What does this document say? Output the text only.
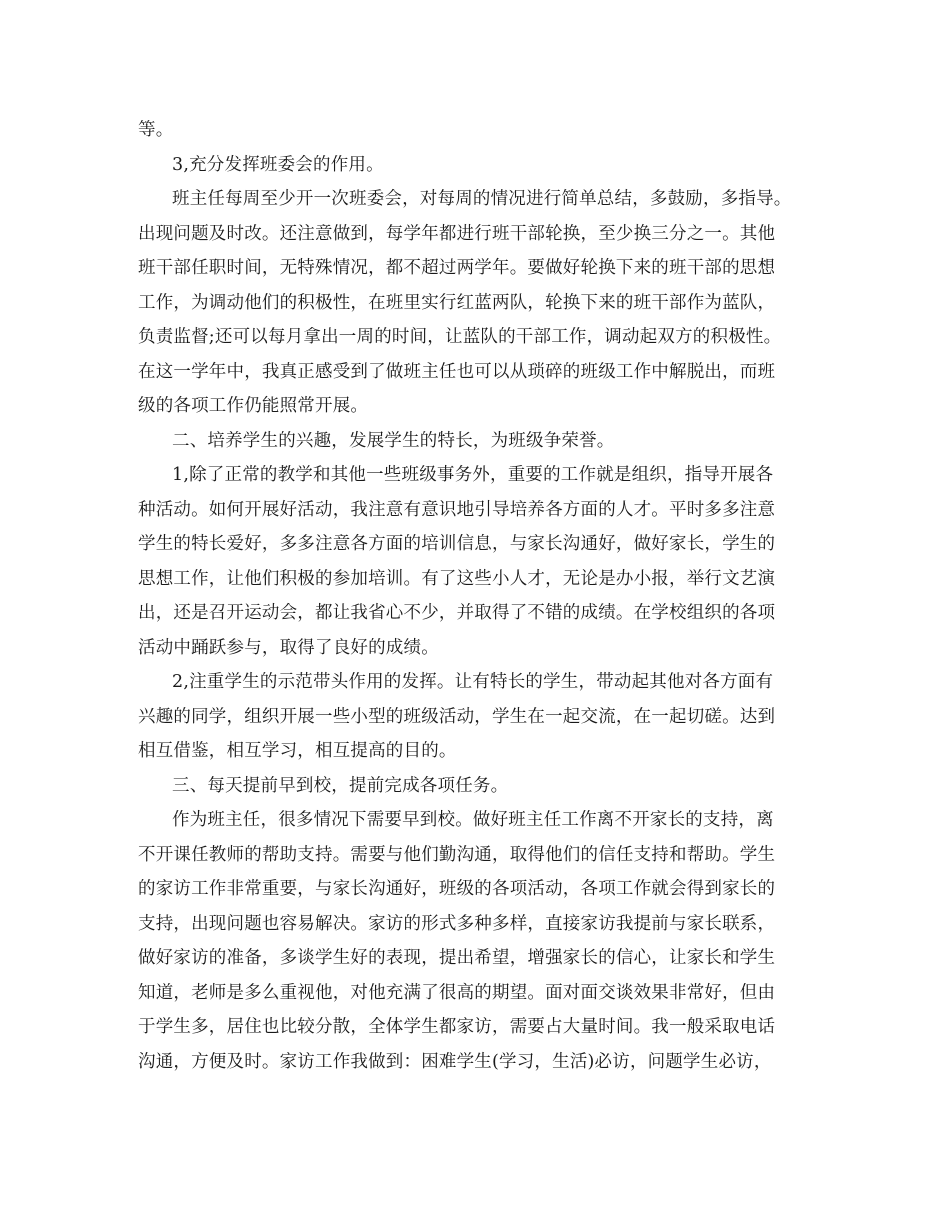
等。
3,充分发挥班委会的作用。
班主任每周至少开一次班委会，对每周的情况进行简单总结，多鼓励，多指导。
出现问题及时改。还注意做到，每学年都进行班干部轮换，至少换三分之一。其他
班干部任职时间，无特殊情况，都不超过两学年。要做好轮换下来的班干部的思想
工作，为调动他们的积极性，在班里实行红蓝两队，轮换下来的班干部作为蓝队，
负责监督;还可以每月拿出一周的时间，让蓝队的干部工作，调动起双方的积极性。
在这一学年中，我真正感受到了做班主任也可以从琐碎的班级工作中解脱出，而班
级的各项工作仍能照常开展。
二、培养学生的兴趣，发展学生的特长，为班级争荣誉。
1,除了正常的教学和其他一些班级事务外，重要的工作就是组织，指导开展各
种活动。如何开展好活动，我注意有意识地引导培养各方面的人才。平时多多注意
学生的特长爱好，多多注意各方面的培训信息，与家长沟通好，做好家长，学生的
思想工作，让他们积极的参加培训。有了这些小人才，无论是办小报，举行文艺演
出，还是召开运动会，都让我省心不少，并取得了不错的成绩。在学校组织的各项
活动中踊跃参与，取得了良好的成绩。
2,注重学生的示范带头作用的发挥。让有特长的学生，带动起其他对各方面有
兴趣的同学，组织开展一些小型的班级活动，学生在一起交流，在一起切磋。达到
相互借鉴，相互学习，相互提高的目的。
三、每天提前早到校，提前完成各项任务。
作为班主任，很多情况下需要早到校。做好班主任工作离不开家长的支持，离
不开课任教师的帮助支持。需要与他们勤沟通，取得他们的信任支持和帮助。学生
的家访工作非常重要，与家长沟通好，班级的各项活动，各项工作就会得到家长的
支持，出现问题也容易解决。家访的形式多种多样，直接家访我提前与家长联系，
做好家访的准备，多谈学生好的表现，提出希望，增强家长的信心，让家长和学生
知道，老师是多么重视他，对他充满了很高的期望。面对面交谈效果非常好，但由
于学生多，居住也比较分散，全体学生都家访，需要占大量时间。我一般采取电话
沟通，方便及时。家访工作我做到：困难学生(学习，生活)必访，问题学生必访，
